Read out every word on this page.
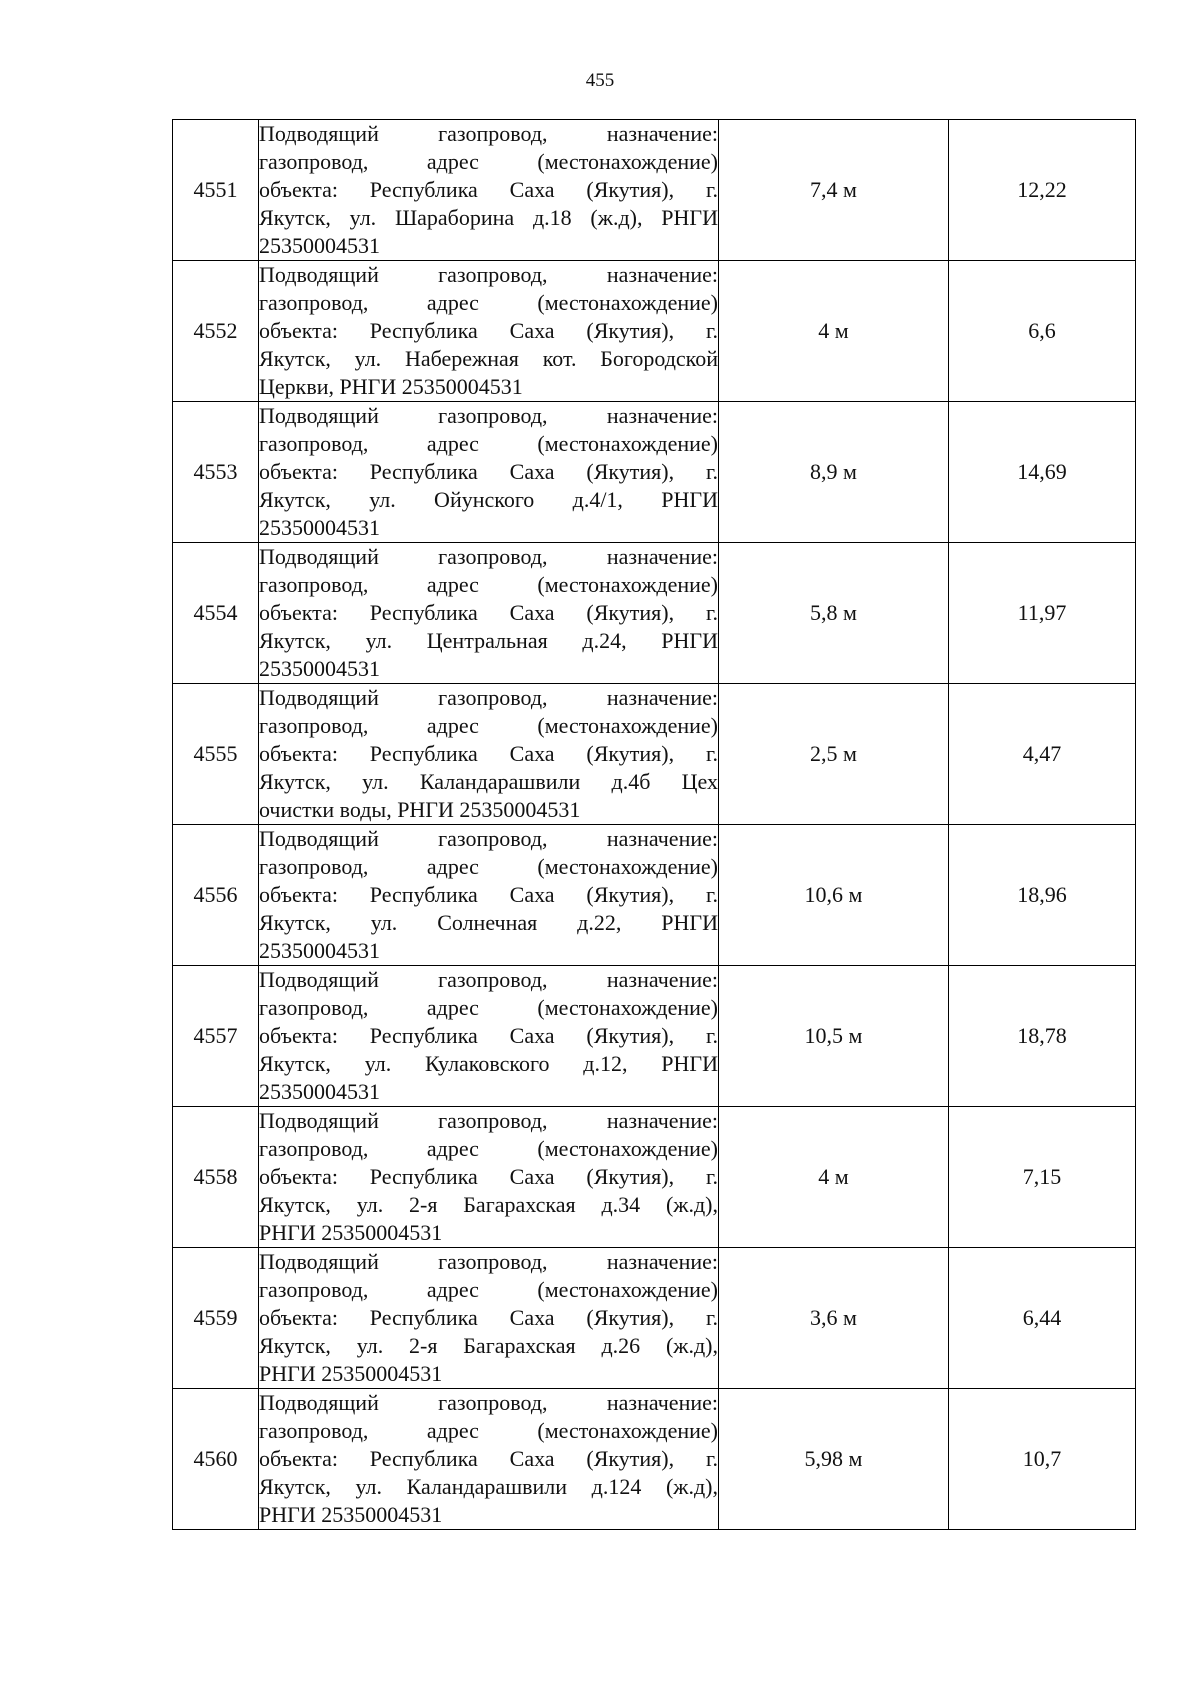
455
4551	Подводящий газопровод, назначение:
газопровод, адрес (местонахождение)
объекта: Республика Саха (Якутия), г.
Якутск, ул. Шараборина д.18 (ж.д), РНГИ
25350004531	7,4 м	12,22
4552	Подводящий газопровод, назначение:
газопровод, адрес (местонахождение)
объекта: Республика Саха (Якутия), г.
Якутск, ул. Набережная кот. Богородской
Церкви, РНГИ 25350004531	4 м	6,6
4553	Подводящий газопровод, назначение:
газопровод, адрес (местонахождение)
объекта: Республика Саха (Якутия), г.
Якутск, ул. Ойунского д.4/1, РНГИ
25350004531	8,9 м	14,69
4554	Подводящий газопровод, назначение:
газопровод, адрес (местонахождение)
объекта: Республика Саха (Якутия), г.
Якутск, ул. Центральная д.24, РНГИ
25350004531	5,8 м	11,97
4555	Подводящий газопровод, назначение:
газопровод, адрес (местонахождение)
объекта: Республика Саха (Якутия), г.
Якутск, ул. Каландарашвили д.4б Цех
очистки воды, РНГИ 25350004531	2,5 м	4,47
4556	Подводящий газопровод, назначение:
газопровод, адрес (местонахождение)
объекта: Республика Саха (Якутия), г.
Якутск, ул. Солнечная д.22, РНГИ
25350004531	10,6 м	18,96
4557	Подводящий газопровод, назначение:
газопровод, адрес (местонахождение)
объекта: Республика Саха (Якутия), г.
Якутск, ул. Кулаковского д.12, РНГИ
25350004531	10,5 м	18,78
4558	Подводящий газопровод, назначение:
газопровод, адрес (местонахождение)
объекта: Республика Саха (Якутия), г.
Якутск, ул. 2-я Багарахская д.34 (ж.д),
РНГИ 25350004531	4 м	7,15
4559	Подводящий газопровод, назначение:
газопровод, адрес (местонахождение)
объекта: Республика Саха (Якутия), г.
Якутск, ул. 2-я Багарахская д.26 (ж.д),
РНГИ 25350004531	3,6 м	6,44
4560	Подводящий газопровод, назначение:
газопровод, адрес (местонахождение)
объекта: Республика Саха (Якутия), г.
Якутск, ул. Каландарашвили д.124 (ж.д),
РНГИ 25350004531	5,98 м	10,7
